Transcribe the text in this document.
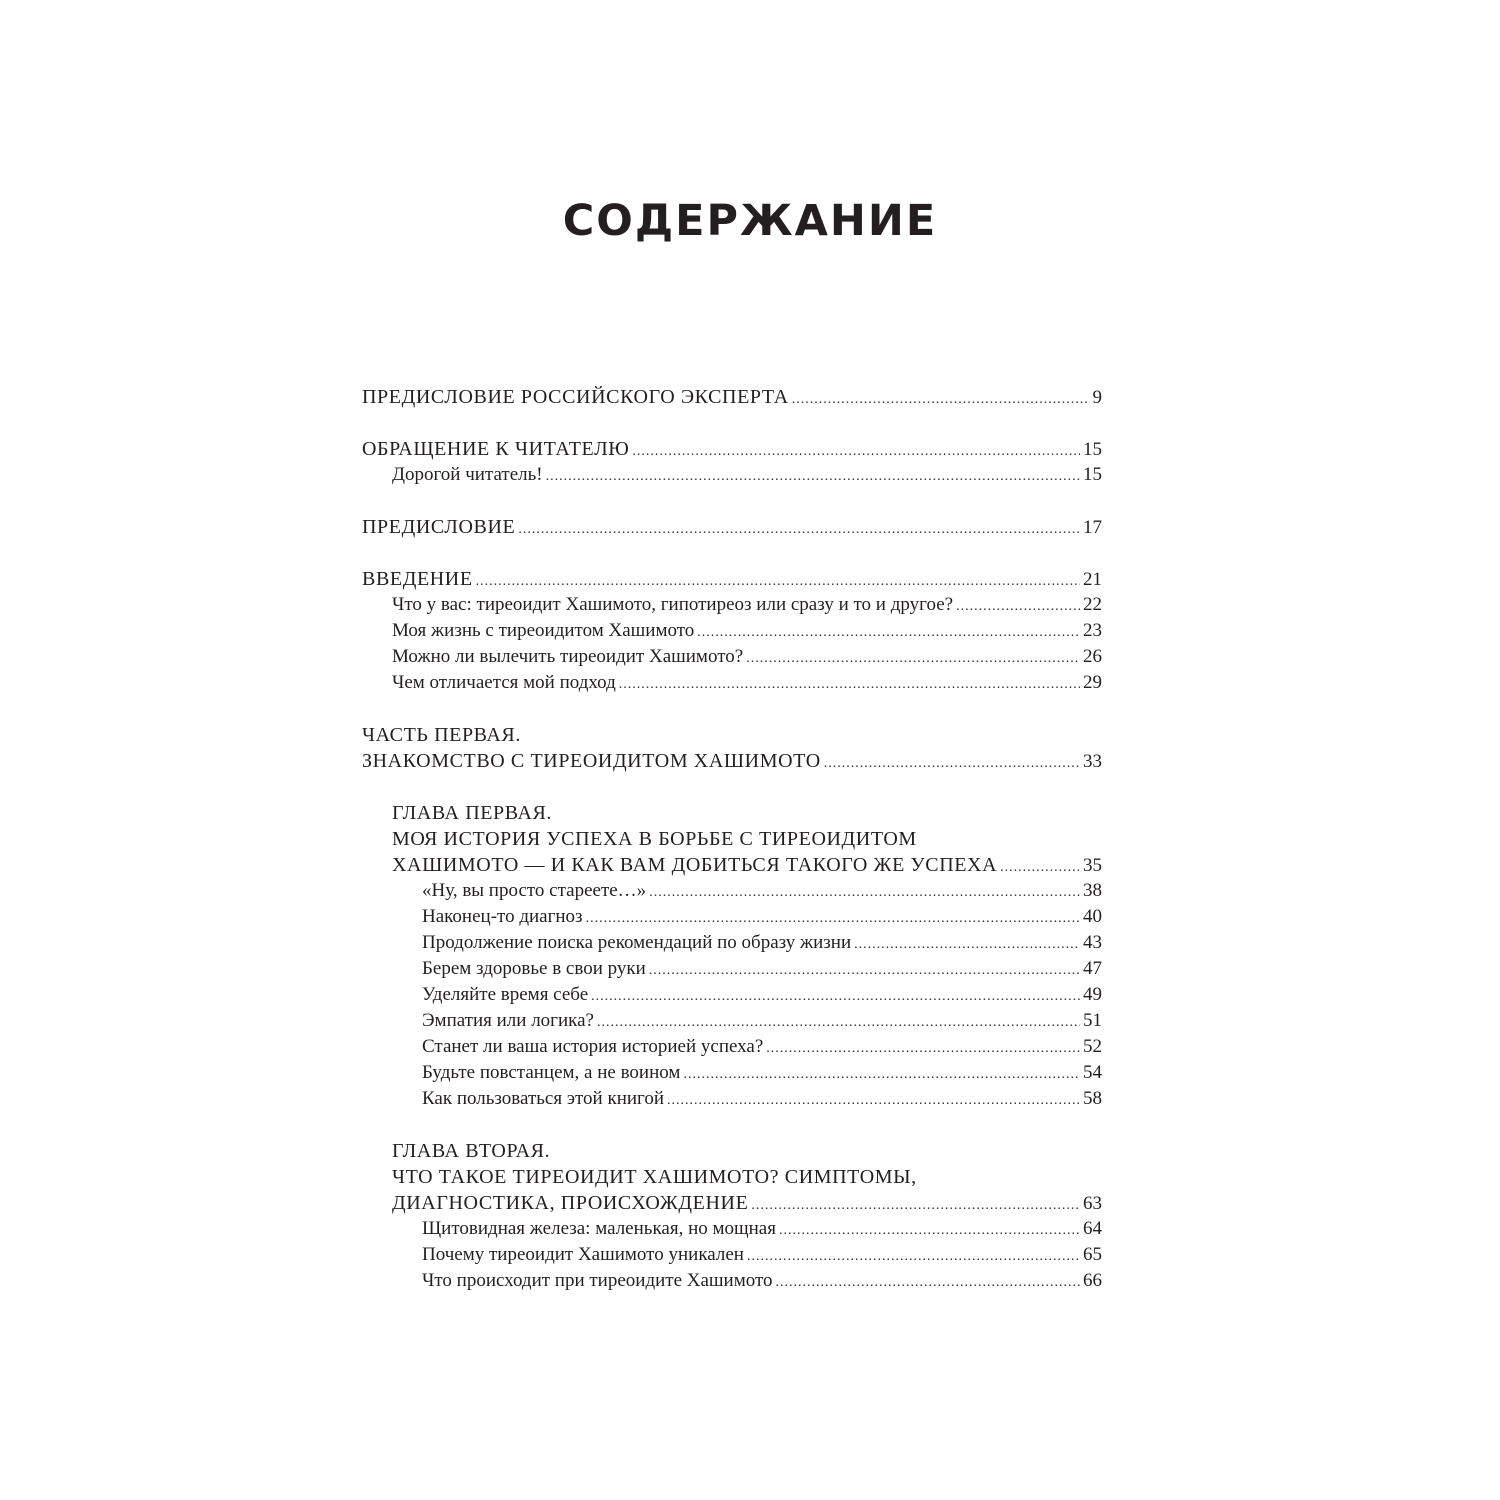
СОДЕРЖАНИЕ
ПРЕДИСЛОВИЕ РОССИЙСКОГО ЭКСПЕРТА .....	9
ОБРАЩЕНИЕ К ЧИТАТЕЛЮ .....	15
Дорогой читатель! .....	15
ПРЕДИСЛОВИЕ .....	17
ВВЕДЕНИЕ .....	21
Что у вас: тиреоидит Хашимото, гипотиреоз или сразу и то и другое? .....	22
Моя жизнь с тиреоидитом Хашимото .....	23
Можно ли вылечить тиреоидит Хашимото? .....	26
Чем отличается мой подход .....	29
ЧАСТЬ ПЕРВАЯ.
ЗНАКОМСТВО С ТИРЕОИДИТОМ ХАШИМОТО .....	33
ГЛАВА ПЕРВАЯ.
МОЯ ИСТОРИЯ УСПЕХА В БОРЬБЕ С ТИРЕОИДИТОМ
ХАШИМОТО — И КАК ВАМ ДОБИТЬСЯ ТАКОГО ЖЕ УСПЕХА .....	35
«Ну, вы просто стареете…» .....	38
Наконец-то диагноз .....	40
Продолжение поиска рекомендаций по образу жизни .....	43
Берем здоровье в свои руки .....	47
Уделяйте время себе .....	49
Эмпатия или логика? .....	51
Станет ли ваша история историей успеха? .....	52
Будьте повстанцем, а не воином .....	54
Как пользоваться этой книгой .....	58
ГЛАВА ВТОРАЯ.
ЧТО ТАКОЕ ТИРЕОИДИТ ХАШИМОТО? СИМПТОМЫ,
ДИАГНОСТИКА, ПРОИСХОЖДЕНИЕ .....	63
Щитовидная железа: маленькая, но мощная .....	64
Почему тиреоидит Хашимото уникален .....	65
Что происходит при тиреоидите Хашимото .....	66
